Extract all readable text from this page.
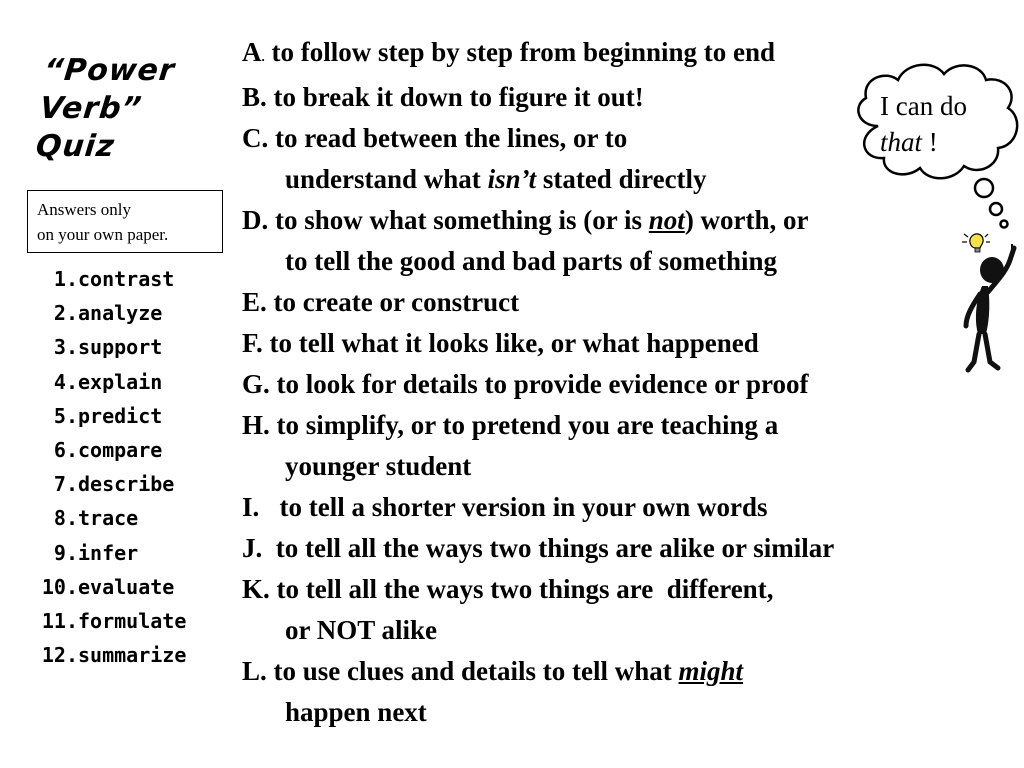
“Power
Verb”
Quiz
Answers only
on your own paper.
1. contrast
2. analyze
3. support
4. explain
5. predict
6. compare
7. describe
8. trace
9. infer
10. evaluate
11. formulate
12. summarize
A. to follow step by step from beginning to end
B. to break it down to figure it out!
C. to read between the lines, or to
understand what isn’t stated directly
D. to show what something is (or is not) worth, or
to tell the good and bad parts of something
E. to create or construct
F. to tell what it looks like, or what happened
G. to look for details to provide evidence or proof
H. to simplify, or to pretend you are teaching a
younger student
I.   to tell a shorter version in your own words
J.  to tell all the ways two things are alike or similar
K. to tell all the ways two things are  different,
or NOT alike
L. to use clues and details to tell what might
happen next
I can do
that !
